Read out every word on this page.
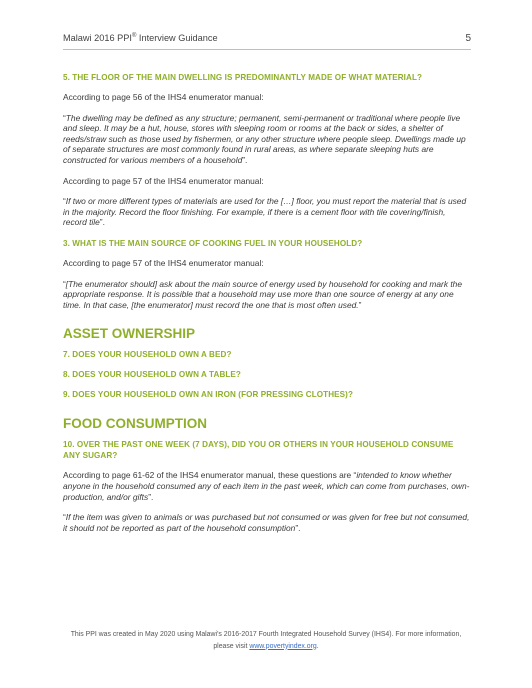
Malawi 2016 PPI® Interview Guidance	5
5. THE FLOOR OF THE MAIN DWELLING IS PREDOMINANTLY MADE OF WHAT MATERIAL?
According to page 56 of the IHS4 enumerator manual:
“The dwelling may be defined as any structure; permanent, semi-permanent or traditional where people live and sleep. It may be a hut, house, stores with sleeping room or rooms at the back or sides, a shelter of reeds/straw such as those used by fishermen, or any other structure where people sleep. Dwellings made up of separate structures are most commonly found in rural areas, as where separate sleeping huts are constructed for various members of a household”.
According to page 57 of the IHS4 enumerator manual:
“If two or more different types of materials are used for the […] floor, you must report the material that is used in the majority. Record the floor finishing. For example, if there is a cement floor with tile covering/finish, record tile”.
3. WHAT IS THE MAIN SOURCE OF COOKING FUEL IN YOUR HOUSEHOLD?
According to page 57 of the IHS4 enumerator manual:
“[The enumerator should] ask about the main source of energy used by household for cooking and mark the appropriate response. It is possible that a household may use more than one source of energy at any one time. In that case, [the enumerator] must record the one that is most often used.”
ASSET OWNERSHIP
7. DOES YOUR HOUSEHOLD OWN A BED?
8. DOES YOUR HOUSEHOLD OWN A TABLE?
9. DOES YOUR HOUSEHOLD OWN AN IRON (FOR PRESSING CLOTHES)?
FOOD CONSUMPTION
10. OVER THE PAST ONE WEEK (7 DAYS), DID YOU OR OTHERS IN YOUR HOUSEHOLD CONSUME ANY SUGAR?
According to page 61-62 of the IHS4 enumerator manual, these questions are “intended to know whether anyone in the household consumed any of each item in the past week, which can come from purchases, own-production, and/or gifts”.
“If the item was given to animals or was purchased but not consumed or was given for free but not consumed, it should not be reported as part of the household consumption”.
This PPI was created in May 2020 using Malawi’s 2016-2017 Fourth Integrated Household Survey (IHS4). For more information,
please visit www.povertyindex.org.
